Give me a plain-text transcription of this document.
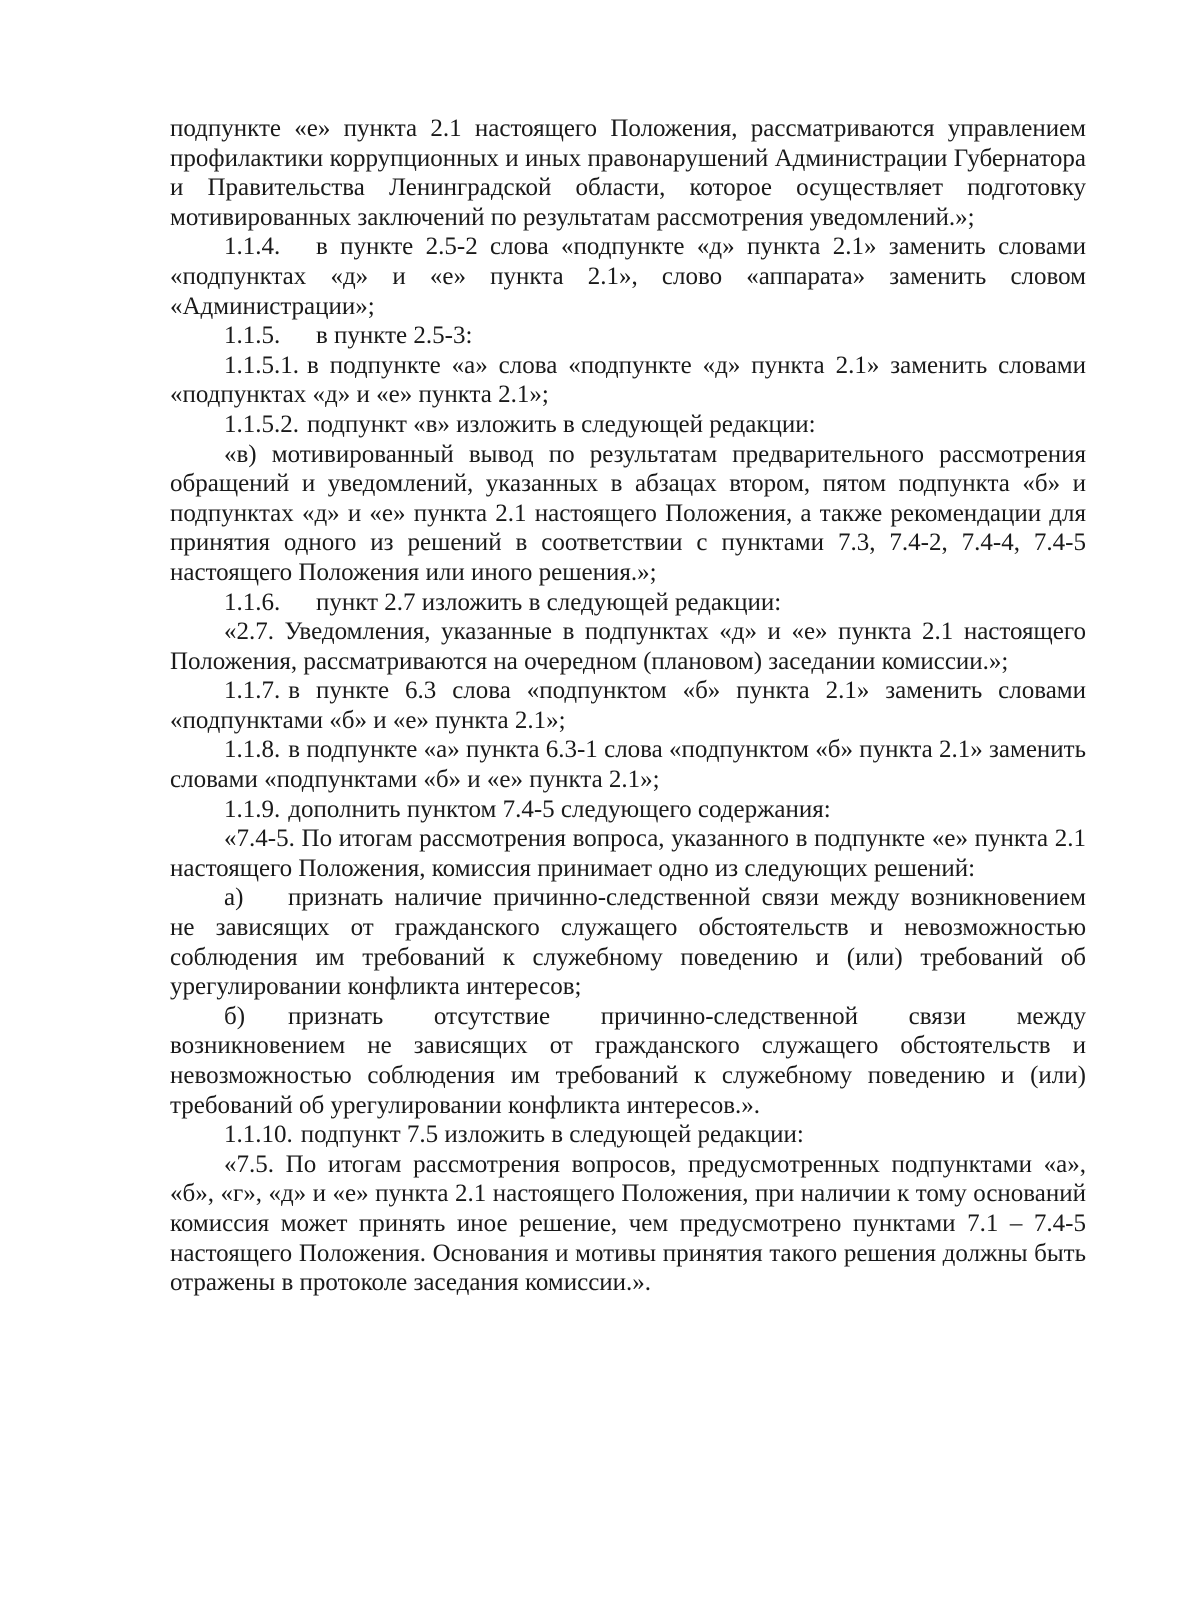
подпункте «е» пункта 2.1 настоящего Положения, рассматриваются управлением профилактики коррупционных и иных правонарушений Администрации Губернатора и Правительства Ленинградской области, которое осуществляет подготовку мотивированных заключений по результатам рассмотрения уведомлений.»;

1.1.4. в пункте 2.5-2 слова «подпункте «д» пункта 2.1» заменить словами «подпунктах «д» и «е» пункта 2.1», слово «аппарата» заменить словом «Администрации»;

1.1.5. в пункте 2.5-3:

1.1.5.1. в подпункте «а» слова «подпункте «д» пункта 2.1» заменить словами «подпунктах «д» и «е» пункта 2.1»;

1.1.5.2. подпункт «в» изложить в следующей редакции:

«в) мотивированный вывод по результатам предварительного рассмотрения обращений и уведомлений, указанных в абзацах втором, пятом подпункта «б» и подпунктах «д» и «е» пункта 2.1 настоящего Положения, а также рекомендации для принятия одного из решений в соответствии с пунктами 7.3, 7.4-2, 7.4-4, 7.4-5 настоящего Положения или иного решения.»;

1.1.6. пункт 2.7 изложить в следующей редакции:

«2.7. Уведомления, указанные в подпунктах «д» и «е» пункта 2.1 настоящего Положения, рассматриваются на очередном (плановом) заседании комиссии.»;

1.1.7. в пункте 6.3 слова «подпунктом «б» пункта 2.1» заменить словами «подпунктами «б» и «е» пункта 2.1»;

1.1.8. в подпункте «а» пункта 6.3-1 слова «подпунктом «б» пункта 2.1» заменить словами «подпунктами «б» и «е» пункта 2.1»;

1.1.9. дополнить пунктом 7.4-5 следующего содержания:

«7.4-5. По итогам рассмотрения вопроса, указанного в подпункте «е» пункта 2.1 настоящего Положения, комиссия принимает одно из следующих решений:

а) признать наличие причинно-следственной связи между возникновением не зависящих от гражданского служащего обстоятельств и невозможностью соблюдения им требований к служебному поведению и (или) требований об урегулировании конфликта интересов;

б) признать отсутствие причинно-следственной связи между возникновением не зависящих от гражданского служащего обстоятельств и невозможностью соблюдения им требований к служебному поведению и (или) требований об урегулировании конфликта интересов.».

1.1.10. подпункт 7.5 изложить в следующей редакции:

«7.5. По итогам рассмотрения вопросов, предусмотренных подпунктами «а», «б», «г», «д» и «е» пункта 2.1 настоящего Положения, при наличии к тому оснований комиссия может принять иное решение, чем предусмотрено пунктами 7.1 – 7.4-5 настоящего Положения. Основания и мотивы принятия такого решения должны быть отражены в протоколе заседания комиссии.».
